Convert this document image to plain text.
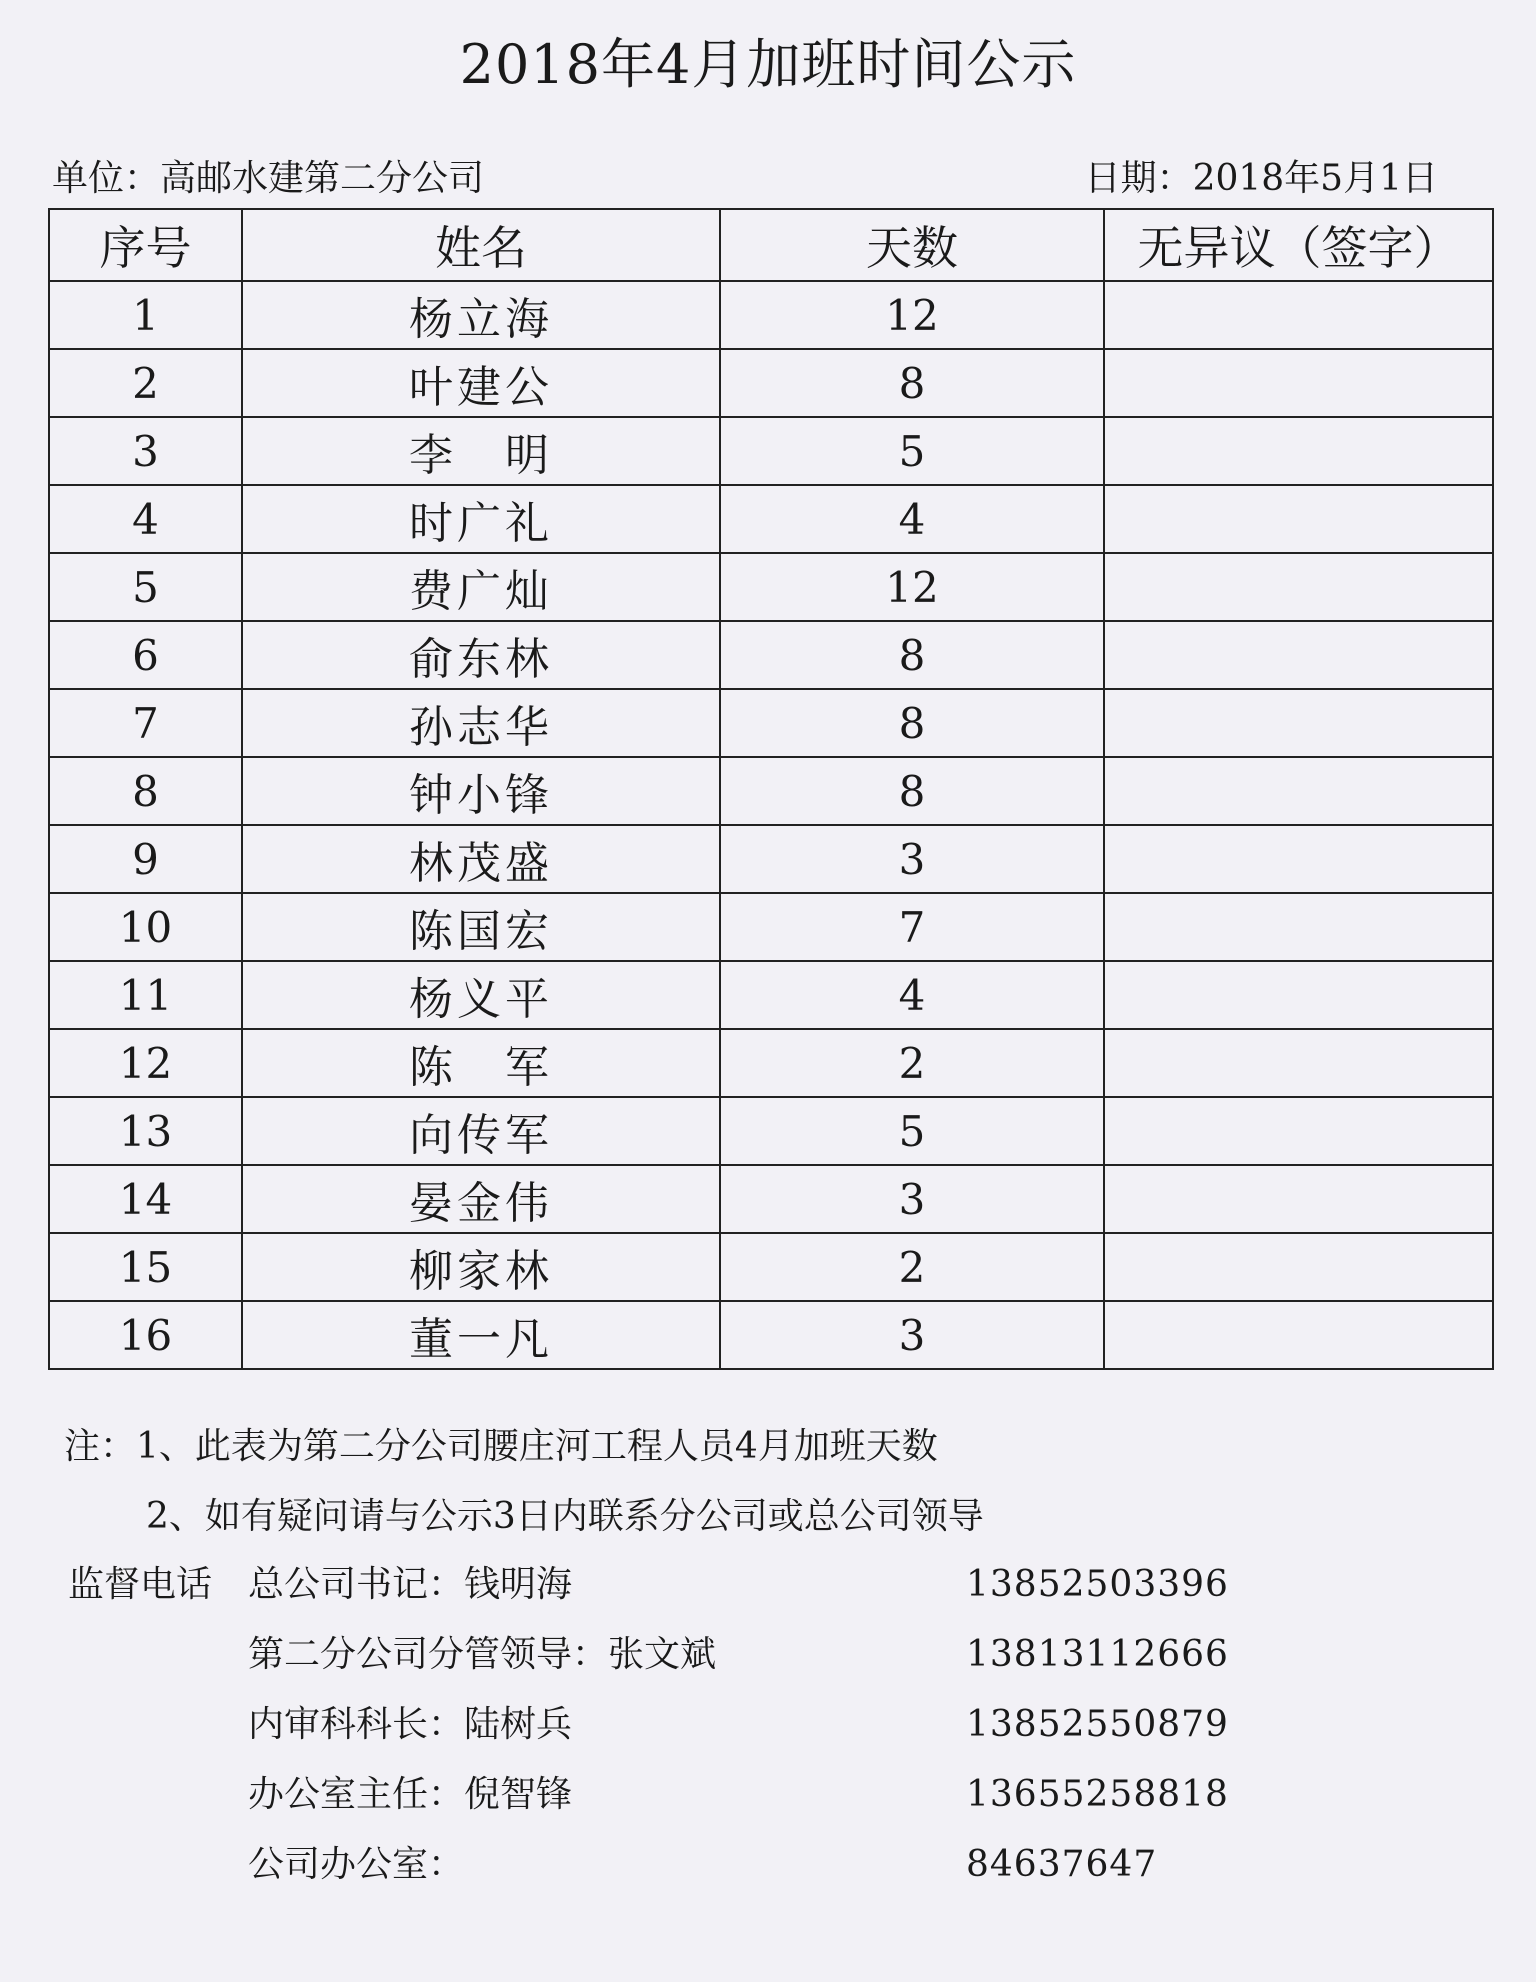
2018年4月加班时间公示
单位：高邮水建第二分公司	日期：2018年5月1日
序号	姓名	天数	无异议（签字）
1	杨立海	12	
2	叶建公	8	
3	李　明	5	
4	时广礼	4	
5	费广灿	12	
6	俞东林	8	
7	孙志华	8	
8	钟小锋	8	
9	林茂盛	3	
10	陈国宏	7	
11	杨义平	4	
12	陈　军	2	
13	向传军	5	
14	晏金伟	3	
15	柳家林	2	
16	董一凡	3	
注：1、此表为第二分公司腰庄河工程人员4月加班天数
2、如有疑问请与公示3日内联系分公司或总公司领导
监督电话 总公司书记：钱明海	13852503396
第二分公司分管领导：张文斌	13813112666
内审科科长：陆树兵	13852550879
办公室主任：倪智锋	13655258818
公司办公室：	84637647
